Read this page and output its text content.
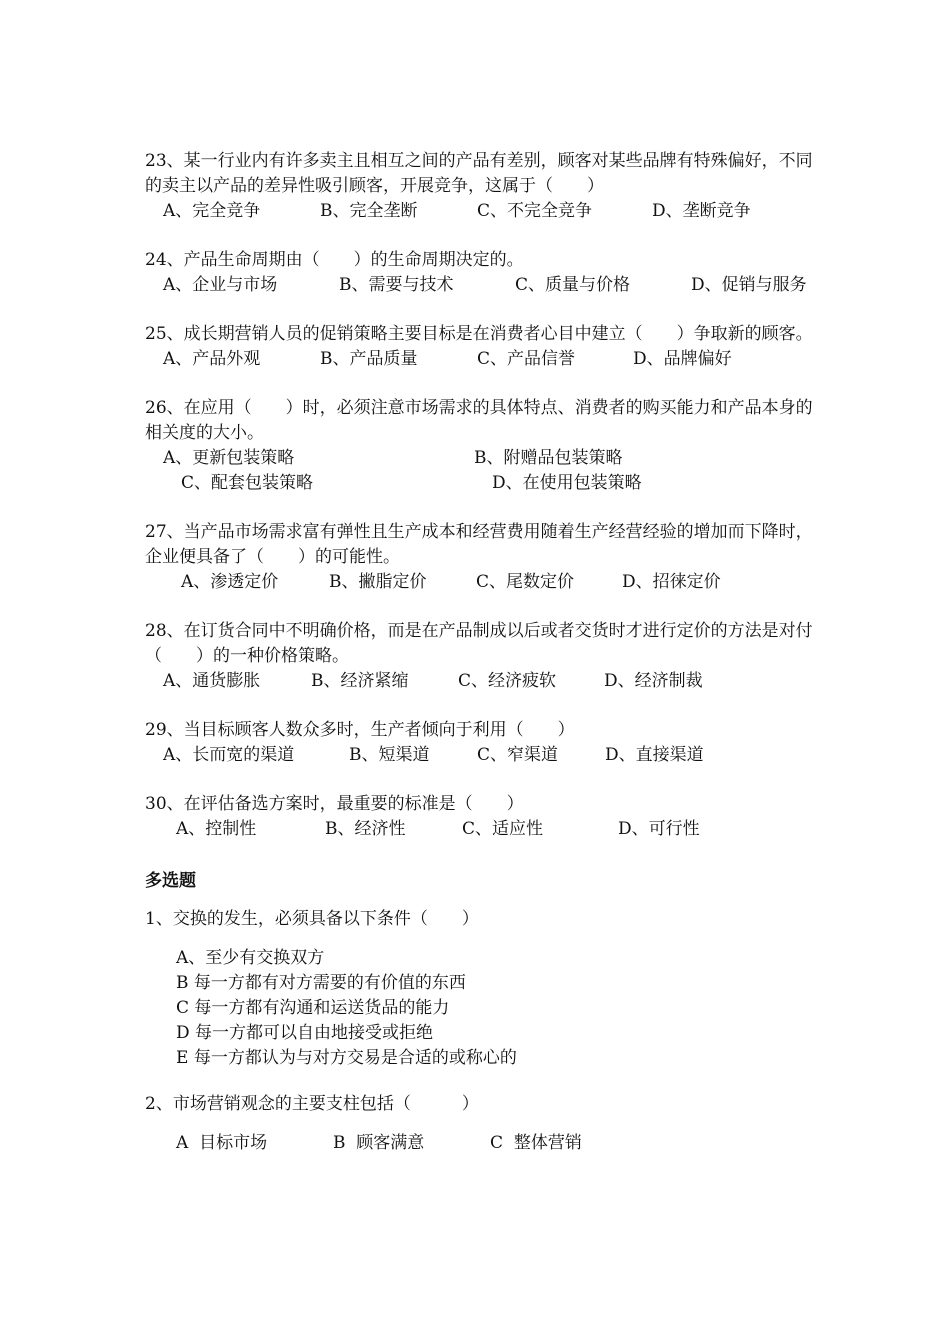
23、某一行业内有许多卖主且相互之间的产品有差别，顾客对某些品牌有特殊偏好，不同的卖主以产品的差异性吸引顾客，开展竞争，这属于（　　）

A、完全竞争	B、完全垄断	C、不完全竞争	D、垄断竞争

24、产品生命周期由（　　）的生命周期决定的。

A、企业与市场	B、需要与技术	C、质量与价格	D、促销与服务

25、成长期营销人员的促销策略主要目标是在消费者心目中建立（　　）争取新的顾客。

A、产品外观	B、产品质量	C、产品信誉	D、品牌偏好

26、在应用（　　）时，必须注意市场需求的具体特点、消费者的购买能力和产品本身的相关度的大小。

A、更新包装策略	B、附赠品包装策略
C、配套包装策略	D、在使用包装策略

27、当产品市场需求富有弹性且生产成本和经营费用随着生产经营经验的增加而下降时，企业便具备了（　　）的可能性。

A、渗透定价	B、撇脂定价	C、尾数定价	D、招徕定价

28、在订货合同中不明确价格，而是在产品制成以后或者交货时才进行定价的方法是对付（　　）的一种价格策略。

A、通货膨胀	B、经济紧缩	C、经济疲软	D、经济制裁

29、当目标顾客人数众多时，生产者倾向于利用（　　）

A、长而宽的渠道	B、短渠道	C、窄渠道	D、直接渠道

30、在评估备选方案时，最重要的标准是（　　）

A、控制性	B、经济性	C、适应性	D、可行性
多选题

1、交换的发生，必须具备以下条件（　　）

A、至少有交换双方
B 每一方都有对方需要的有价值的东西
C 每一方都有沟通和运送货品的能力
D 每一方都可以自由地接受或拒绝
E 每一方都认为与对方交易是合适的或称心的

2、市场营销观念的主要支柱包括（　　　）

A  目标市场	B  顾客满意	C  整体营销
